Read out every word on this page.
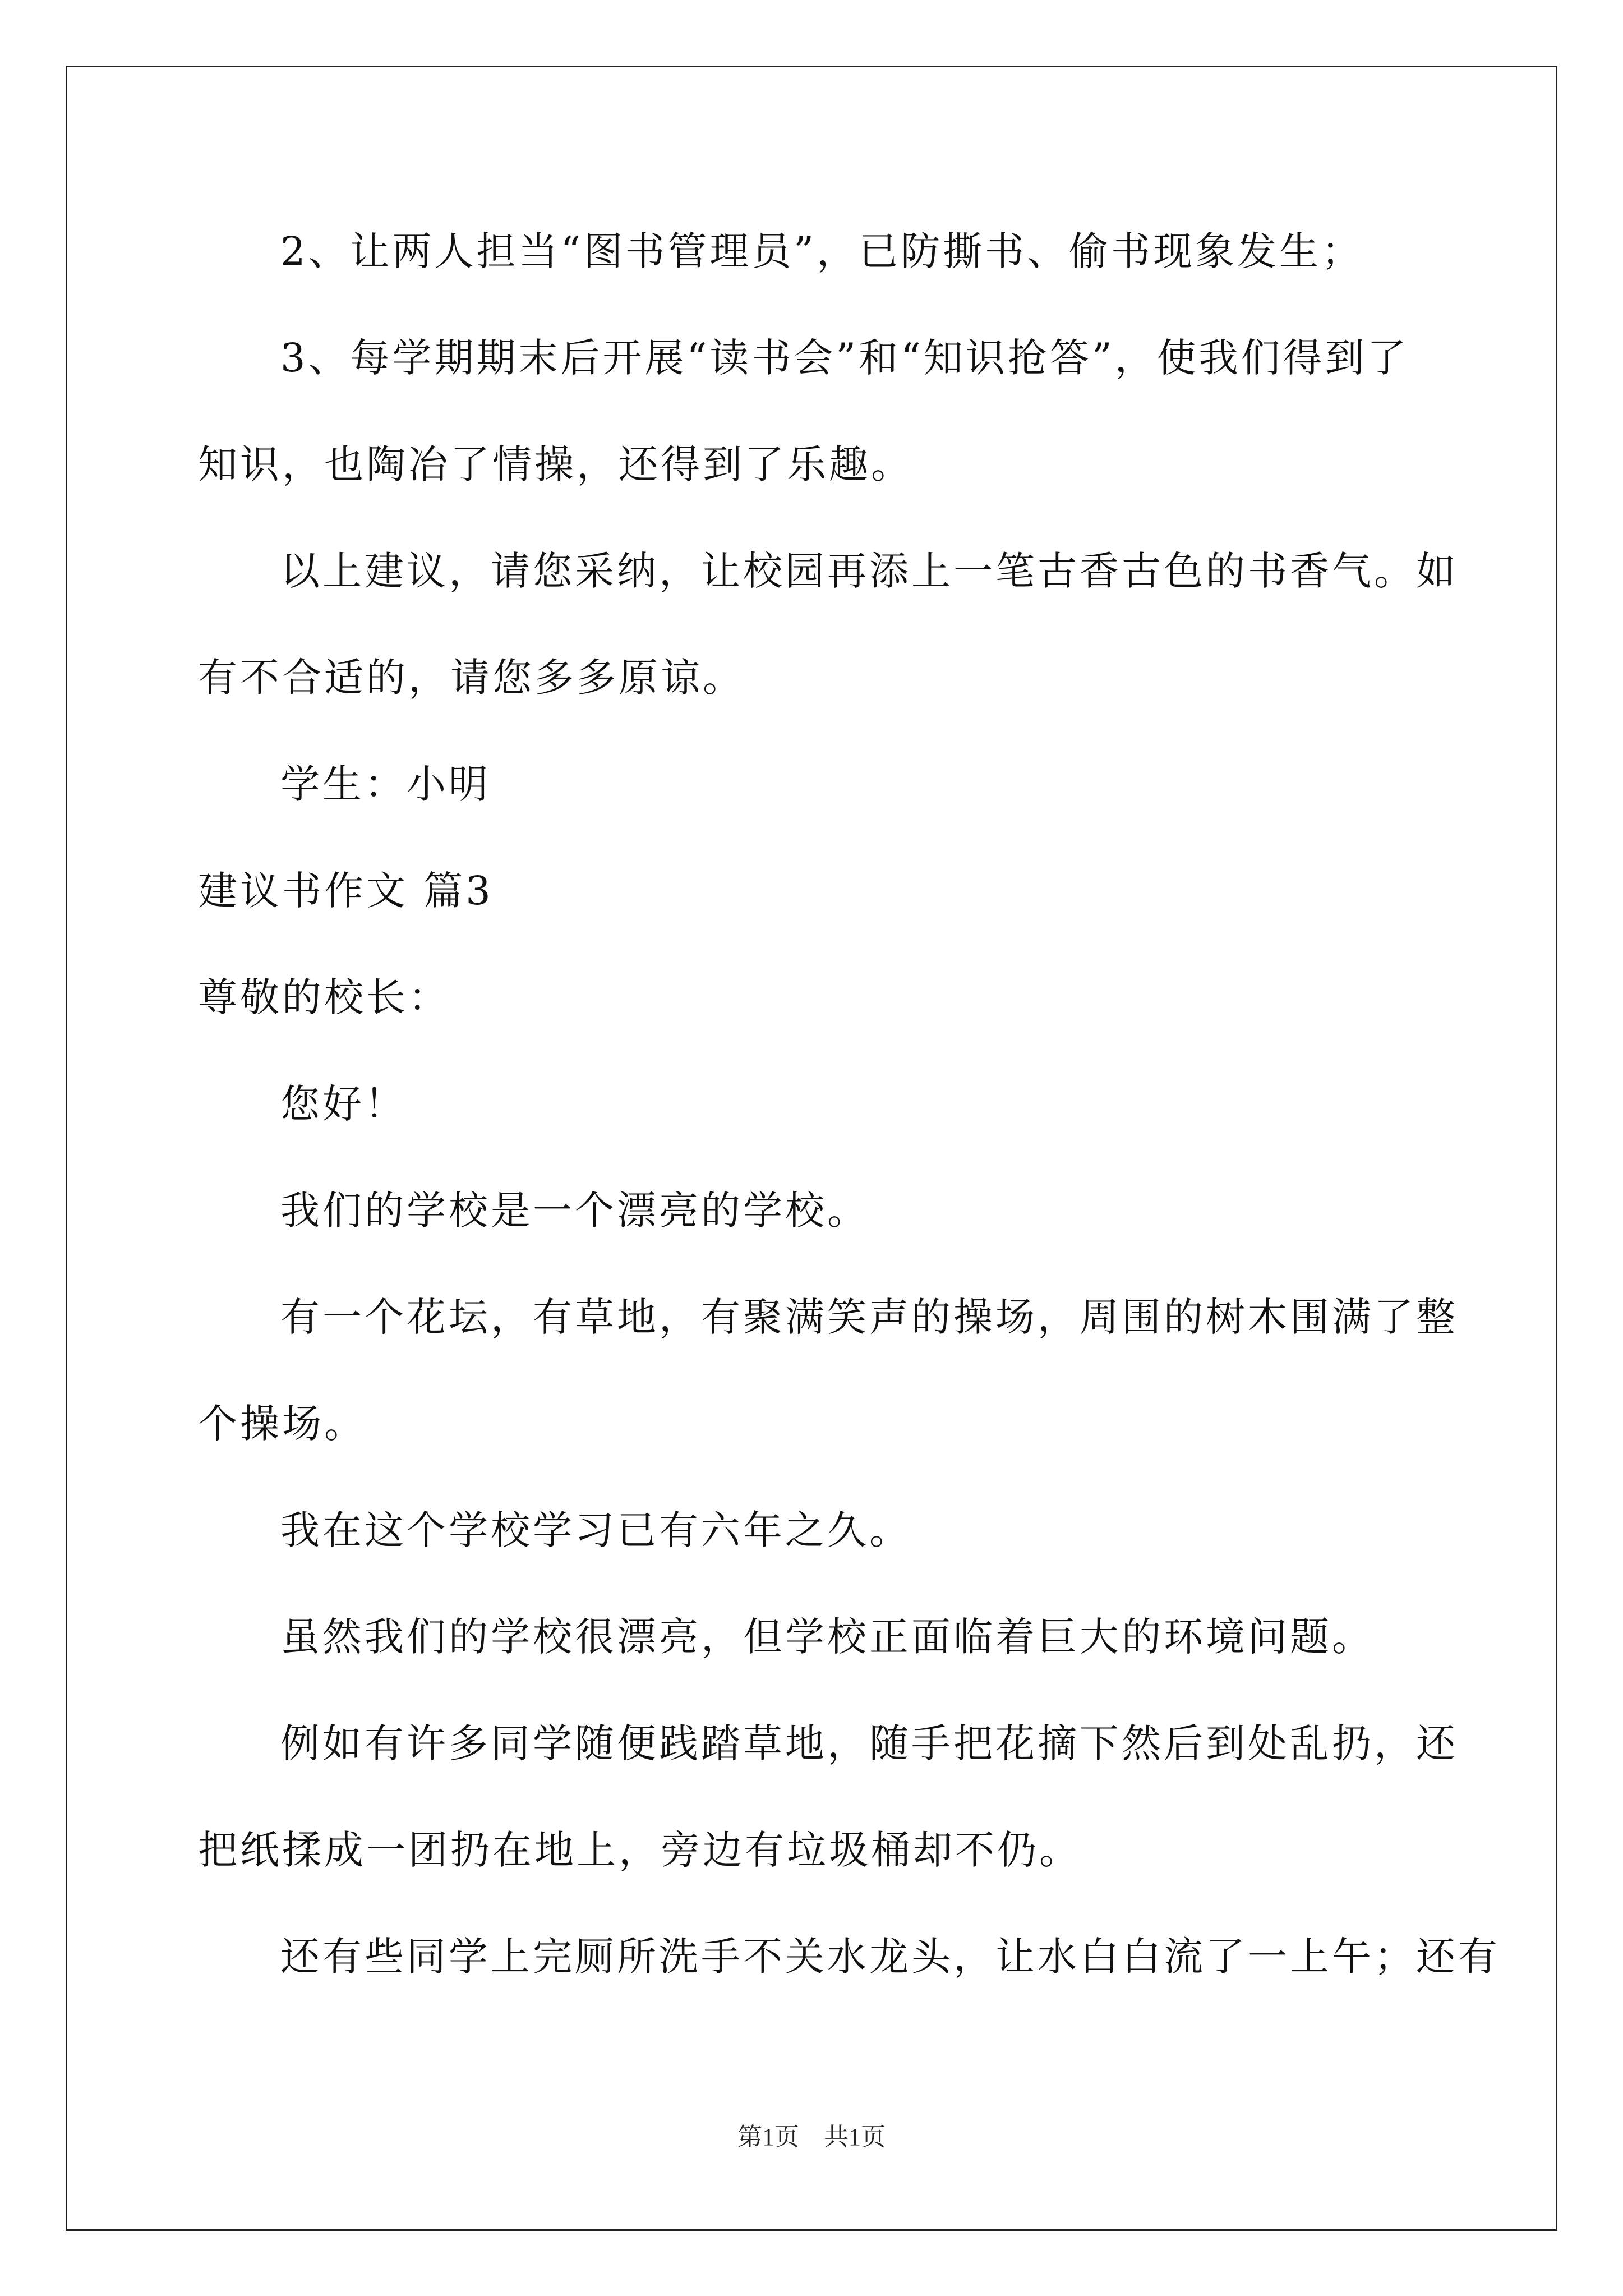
2、让两人担当“图书管理员”，已防撕书、偷书现象发生；
3、每学期期末后开展“读书会”和“知识抢答”，使我们得到了
知识，也陶冶了情操，还得到了乐趣。
以上建议，请您采纳，让校园再添上一笔古香古色的书香气。如
有不合适的，请您多多原谅。
学生：小明
建议书作文 篇3
尊敬的校长：
您好！
我们的学校是一个漂亮的学校。
有一个花坛，有草地，有聚满笑声的操场，周围的树木围满了整
个操场。
我在这个学校学习已有六年之久。
虽然我们的学校很漂亮，但学校正面临着巨大的环境问题。
例如有许多同学随便践踏草地，随手把花摘下然后到处乱扔，还
把纸揉成一团扔在地上，旁边有垃圾桶却不仍。
还有些同学上完厕所洗手不关水龙头，让水白白流了一上午；还有
第1页　共1页
